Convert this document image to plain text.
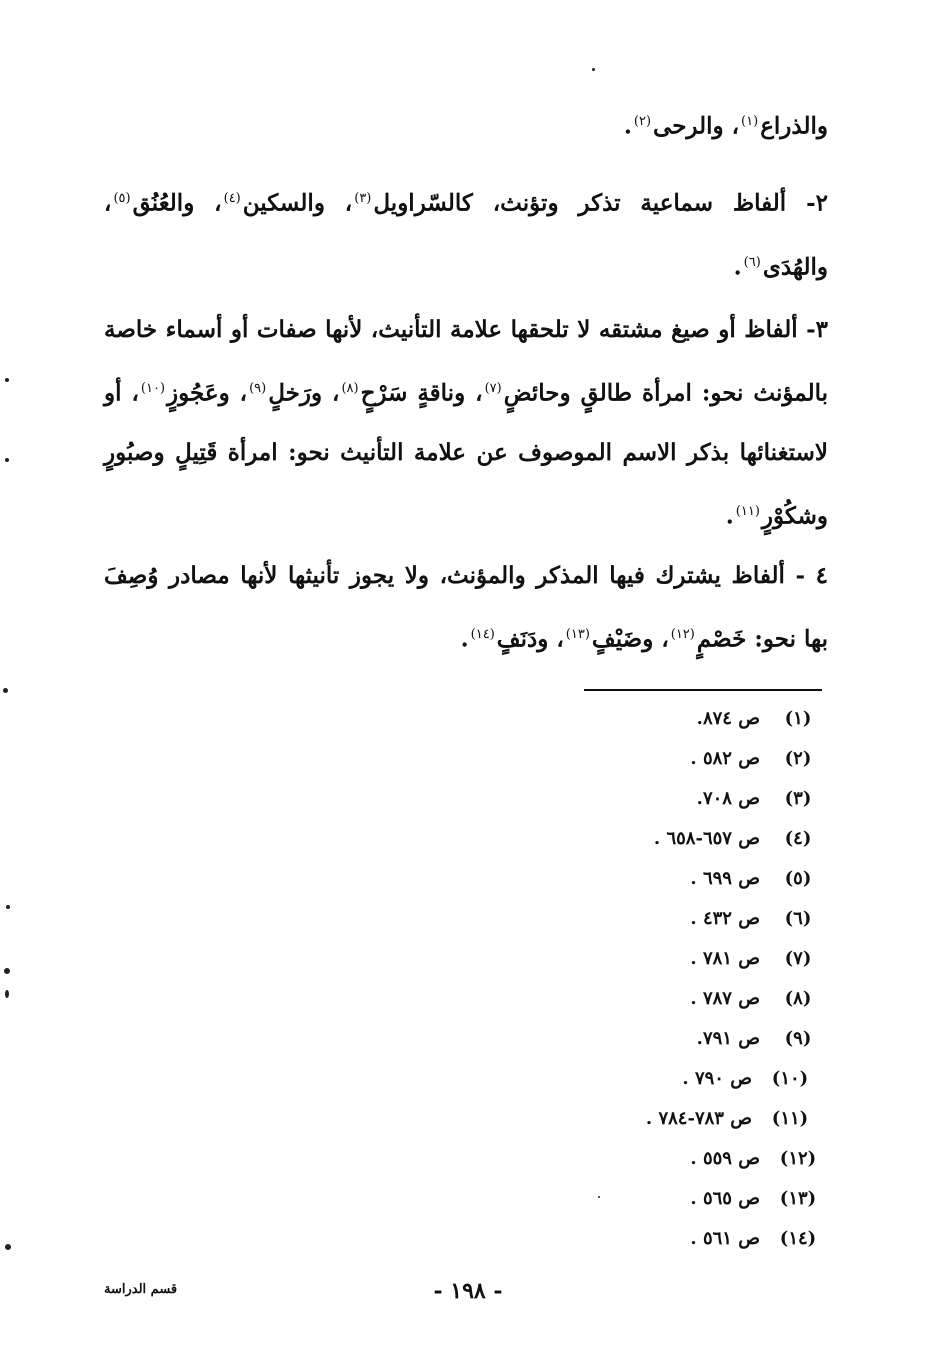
والذراع$^{(١)}$، والرحى$^{(٢)}$.

٢- ألفاظ سماعية تذكر وتؤنث، كالسّراويل$^{(٣)}$، والسكين$^{(٤)}$، والعُنُق$^{(٥)}$، والهُدَى$^{(٦)}$.

٣- ألفاظ أو صيغ مشتقه لا تلحقها علامة التأنيث، لأنها صفات أو أسماء خاصة بالمؤنث نحو: امرأة طالقٍ وحائضٍ$^{(٧)}$، وناقةٍ سَرْحٍ$^{(٨)}$، ورَخلٍ$^{(٩)}$، وعَجُوزٍ$^{(١٠)}$، أو لاستغنائها بذكر الاسم الموصوف عن علامة التأنيث نحو: امرأة قَتِيلٍ وصبُورٍ وشكُوْرٍ$^{(١١)}$.

٤ - ألفاظ يشترك فيها المذكر والمؤنث، ولا يجوز تأنيثها لأنها مصادر وُصِفَ بها نحو: خَصْمٍ$^{(١٢)}$، وضَيْفٍ$^{(١٣)}$، ودَنَفٍ$^{(١٤)}$.

(١)ص ٨٧٤.
(٢)ص ٥٨٢ .
(٣)ص ٧٠٨.
(٤)ص ٦٥٧-٦٥٨ .
(٥)ص ٦٩٩ .
(٦)ص ٤٣٢ .
(٧)ص ٧٨١ .
(٨)ص ٧٨٧ .
(٩)ص ٧٩١.
(١٠)ص ٧٩٠ .
(١١)ص ٧٨٣-٧٨٤ .
(١٢)ص ٥٥٩ .
(١٣)ص ٥٦٥ .
(١٤)ص ٥٦١ .
- ١٩٨ -
قسم الدراسة
